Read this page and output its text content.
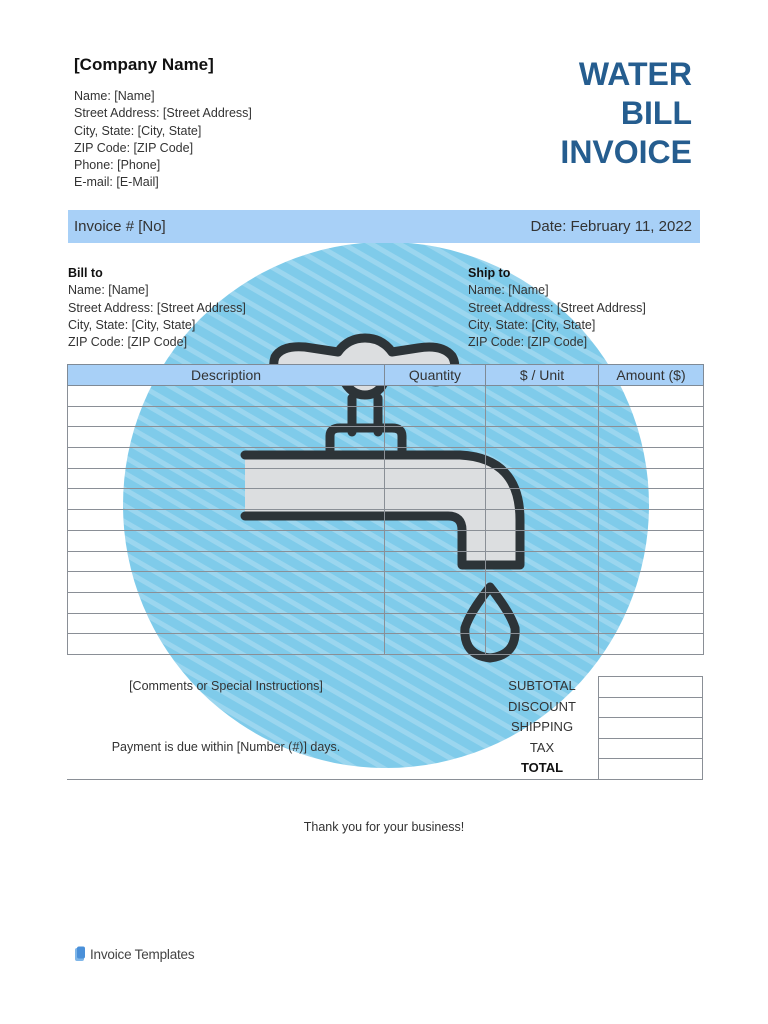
[Company Name]
Name: [Name]
Street Address: [Street Address]
City, State: [City, State]
ZIP Code: [ZIP Code]
Phone: [Phone]
E-mail: [E-Mail]
WATER
BILL
INVOICE
Invoice # [No]	Date: February 11, 2022
Bill to
Name: [Name]
Street Address: [Street Address]
City, State: [City, State]
ZIP Code: [ZIP Code]
Ship to
Name: [Name]
Street Address: [Street Address]
City, State: [City, State]
ZIP Code: [ZIP Code]
Description	Quantity	$ / Unit	Amount ($)

[Comments or Special Instructions]
Payment is due within [Number (#)] days.
SUBTOTAL
DISCOUNT
SHIPPING
TAX
TOTAL

Thank you for your business!
Invoice Templates
